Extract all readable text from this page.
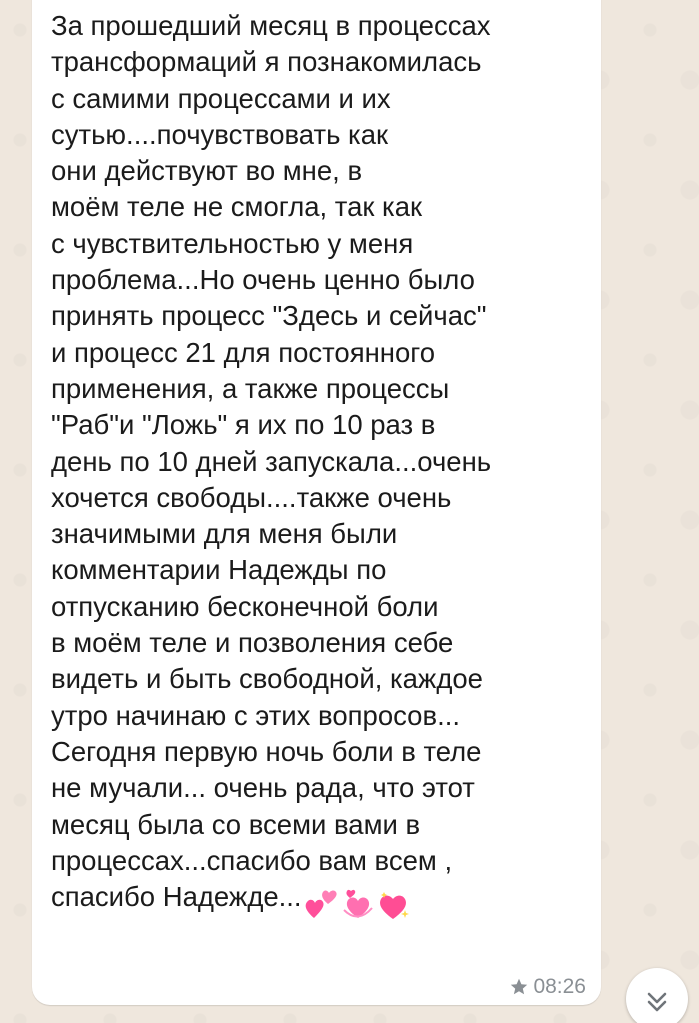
За прошедший месяц в процессах
трансформаций я познакомилась
с самими процессами и их
сутью....почувствовать как
они действуют во мне, в
моём теле не смогла, так как
с чувствительностью у меня
проблема...Но очень ценно было
принять процесс "Здесь и сейчас"
и процесс 21 для постоянного
применения, а также процессы
"Раб"и "Ложь" я их по 10 раз в
день по 10 дней запускала...очень
хочется свободы....также очень
значимыми для меня были
комментарии Надежды по
отпусканию бесконечной боли
в моём теле и позволения себе
видеть и быть свободной, каждое
утро начинаю с этих вопросов...
Сегодня первую ночь боли в теле
не мучали... очень рада, что этот
месяц была со всеми вами в
процессах...спасибо вам всем ,
спасибо Надежде...

08:26
